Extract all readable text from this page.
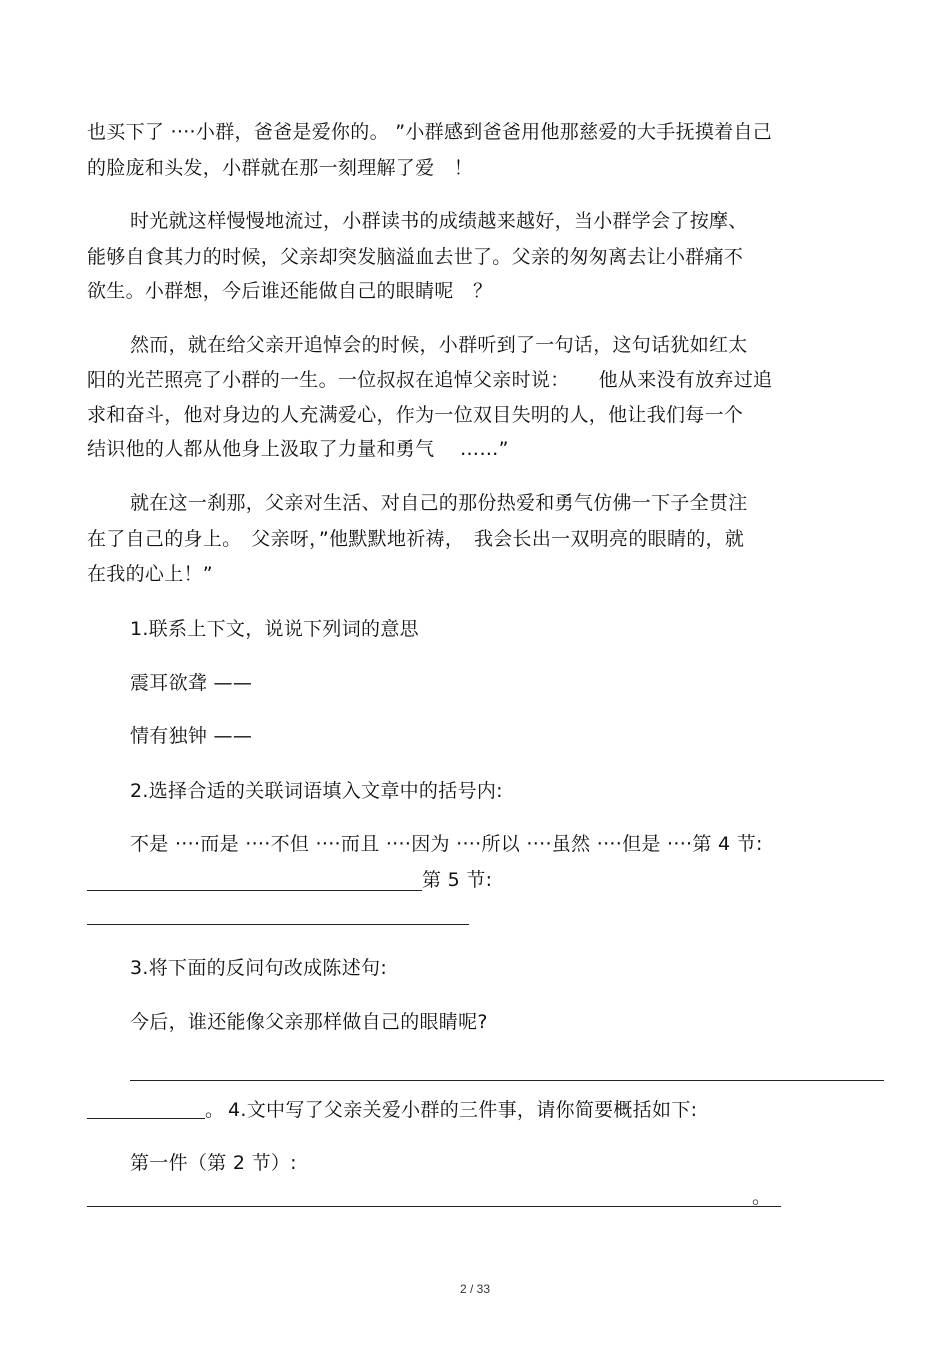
也买下了 ····小群，爸爸是爱你的。 ”小群感到爸爸用他那慈爱的大手抚摸着自己
的脸庞和头发，小群就在那一刻理解了爱　！
时光就这样慢慢地流过，小群读书的成绩越来越好，当小群学会了按摩、
能够自食其力的时候，父亲却突发脑溢血去世了。父亲的匆匆离去让小群痛不
欲生。小群想，今后谁还能做自己的眼睛呢　？
然而，就在给父亲开追悼会的时候，小群听到了一句话，这句话犹如红太
阳的光芒照亮了小群的一生。一位叔叔在追悼父亲时说：　　他从来没有放弃过追
求和奋斗，他对身边的人充满爱心，作为一位双目失明的人，他让我们每一个
结识他的人都从他身上汲取了力量和勇气　 ……”
就在这一刹那，父亲对生活、对自己的那份热爱和勇气仿佛一下子全贯注
在了自己的身上。　父亲呀，”他默默地祈祷，　我会长出一双明亮的眼睛的，就
在我的心上！”
1.联系上下文，说说下列词的意思
震耳欲聋 ——
情有独钟 ——
2.选择合适的关联词语填入文章中的括号内:
不是 ····而是 ····不但 ····而且 ····因为 ····所以 ····虽然 ····但是 ····第 4 节:
第 5 节:
3.将下面的反问句改成陈述句:
今后，谁还能像父亲那样做自己的眼睛呢?
。 4.文中写了父亲关爱小群的三件事，请你简要概括如下:
第一件（第 2 节）:
。
2 / 33
